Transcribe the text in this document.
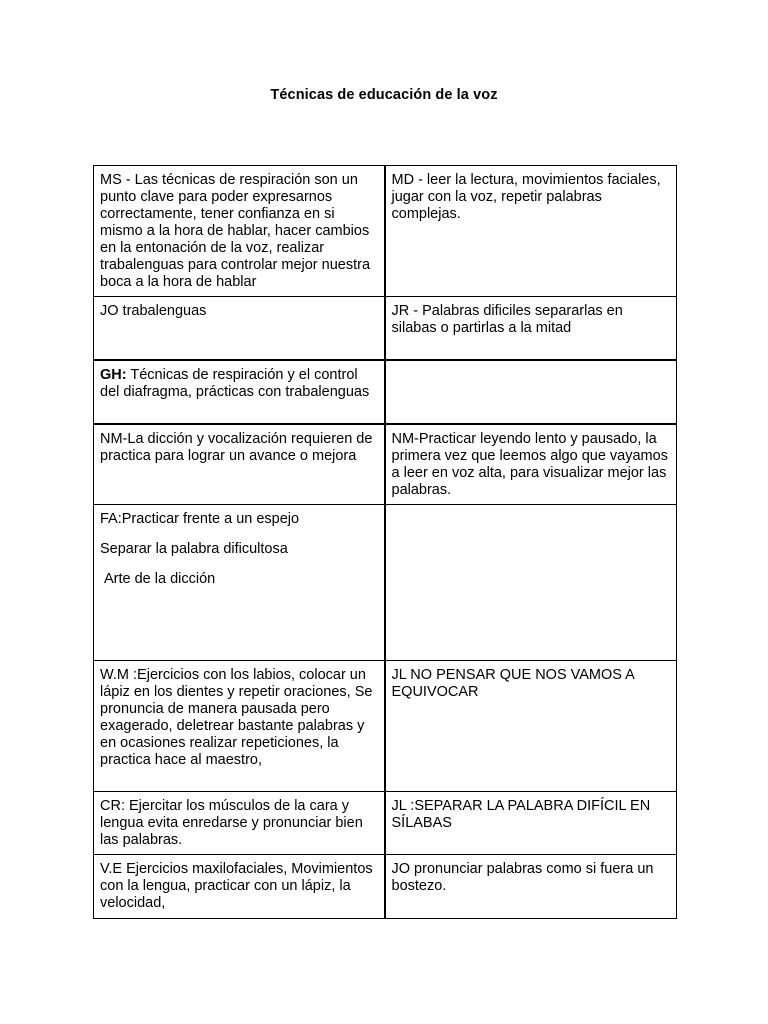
Técnicas de educación de la voz
MS - Las técnicas de respiración son un punto clave para poder expresarnos correctamente, tener confianza en si mismo a la hora de hablar, hacer cambios en la entonación de la voz, realizar trabalenguas para controlar mejor nuestra boca a la hora de hablar	MD - leer la lectura, movimientos faciales, jugar con la voz, repetir palabras complejas.
JO trabalenguas	JR - Palabras dificiles separarlas en silabas o partirlas a la mitad
GH: Técnicas de respiración y el control del diafragma, prácticas con trabalenguas	
NM-La dicción y vocalización requieren de practica para lograr un avance o mejora	NM-Practicar leyendo lento y pausado, la primera vez que leemos algo que vayamos a leer en voz alta, para visualizar mejor las palabras.

FA:Practicar frente a un espejo
Separar la palabra dificultosa
Arte de la dicción	

W.M :Ejercicios con los labios, colocar un lápiz en los dientes y repetir oraciones, Se pronuncia de manera pausada pero exagerado, deletrear bastante palabras y en ocasiones realizar repeticiones, la practica hace al maestro,	JL NO PENSAR QUE NOS VAMOS A EQUIVOCAR
CR: Ejercitar los músculos de la cara y lengua evita enredarse y pronunciar bien las palabras.	JL :SEPARAR LA PALABRA DIFÍCIL EN SÍLABAS
V.E Ejercicios maxilofaciales, Movimientos con la lengua, practicar con un lápiz, la velocidad,	JO pronunciar palabras como si fuera un bostezo.
